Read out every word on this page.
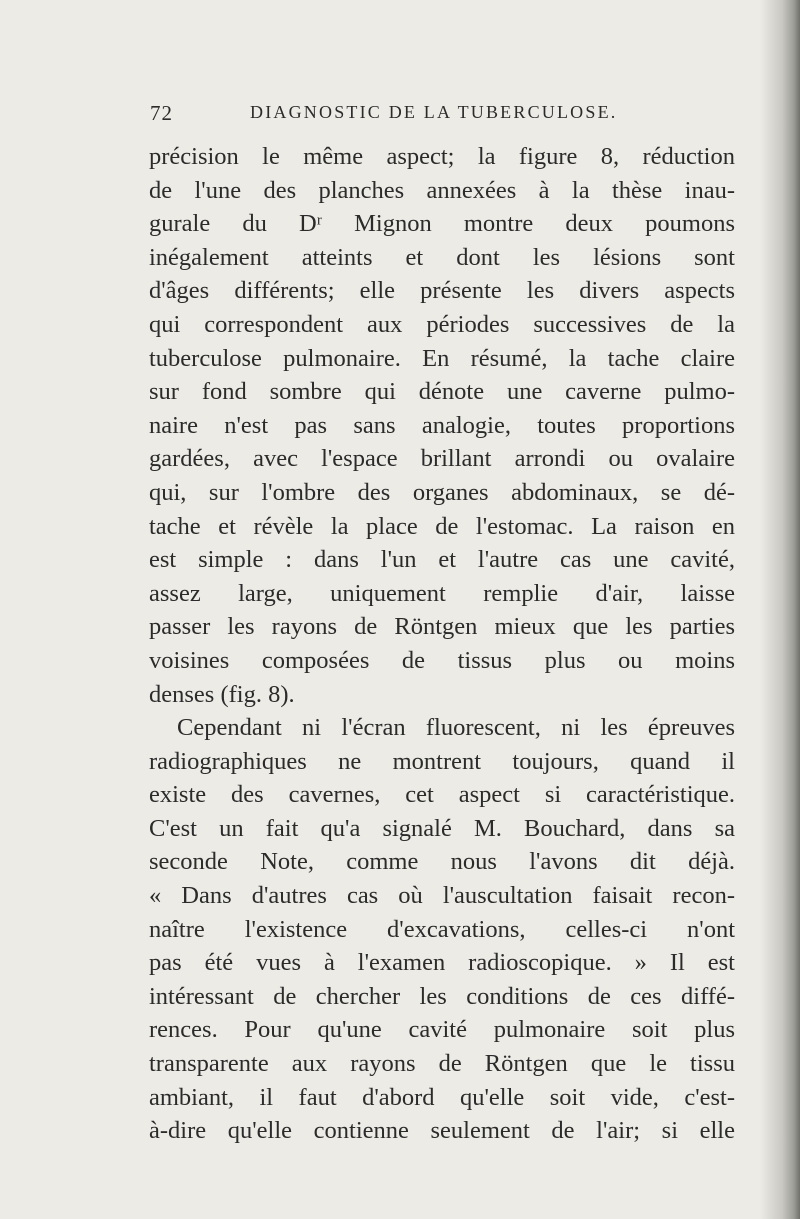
72	DIAGNOSTIC DE LA TUBERCULOSE.
précision le même aspect; la figure 8, réduction
de l'une des planches annexées à la thèse inau-
gurale du Dʳ Mignon montre deux poumons
inégalement atteints et dont les lésions sont
d'âges différents; elle présente les divers aspects
qui correspondent aux périodes successives de la
tuberculose pulmonaire. En résumé, la tache claire
sur fond sombre qui dénote une caverne pulmo-
naire n'est pas sans analogie, toutes proportions
gardées, avec l'espace brillant arrondi ou ovalaire
qui, sur l'ombre des organes abdominaux, se dé-
tache et révèle la place de l'estomac. La raison en
est simple : dans l'un et l'autre cas une cavité,
assez large, uniquement remplie d'air, laisse
passer les rayons de Röntgen mieux que les parties
voisines composées de tissus plus ou moins
denses (fig. 8).
Cependant ni l'écran fluorescent, ni les épreuves
radiographiques ne montrent toujours, quand il
existe des cavernes, cet aspect si caractéristique.
C'est un fait qu'a signalé M. Bouchard, dans sa
seconde Note, comme nous l'avons dit déjà.
« Dans d'autres cas où l'auscultation faisait recon-
naître l'existence d'excavations, celles-ci n'ont
pas été vues à l'examen radioscopique. » Il est
intéressant de chercher les conditions de ces diffé-
rences. Pour qu'une cavité pulmonaire soit plus
transparente aux rayons de Röntgen que le tissu
ambiant, il faut d'abord qu'elle soit vide, c'est-
à-dire qu'elle contienne seulement de l'air; si elle
